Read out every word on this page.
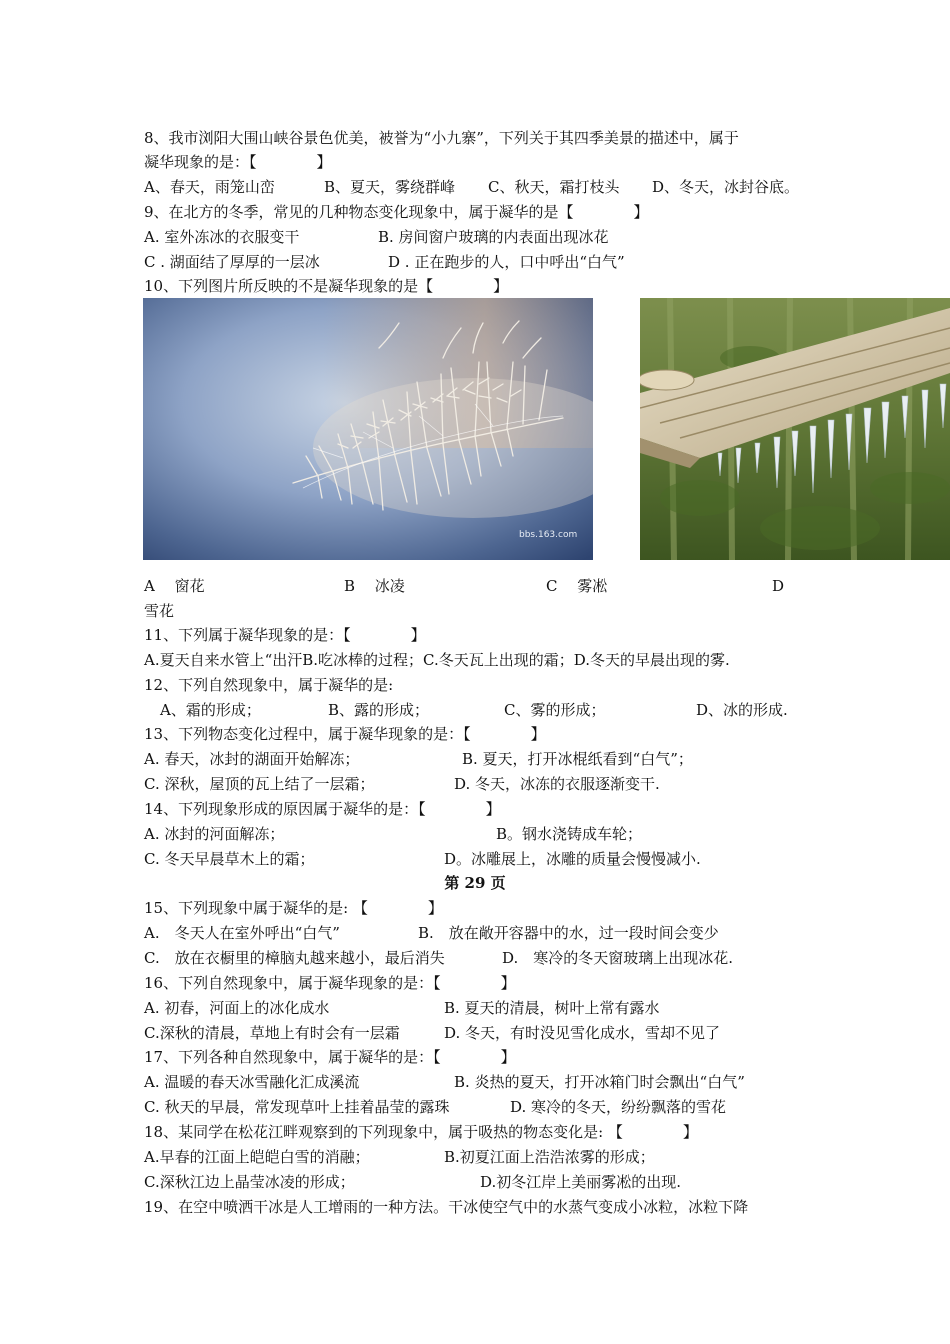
8、我市浏阳大围山峡谷景色优美，被誉为“小九寨”，下列关于其四季美景的描述中，属于
凝华现象的是：【　　　　】
A、春天，雨笼山峦	B、夏天，雾绕群峰 C、秋天，霜打枝头 D、冬天，冰封谷底。
9、在北方的冬季，常见的几种物态变化现象中，属于凝华的是【　　　　】
A. 室外冻冰的衣服变干	B. 房间窗户玻璃的内表面出现冰花
C . 湖面结了厚厚的一层冰	D . 正在跑步的人，口中呼出“白气”
10、下列图片所反映的不是凝华现象的是【　　　　】
bbs.163.com
A　 窗花	B　 冰凌	C　 雾凇	D
雪花
11、下列属于凝华现象的是：【　　　　】
A.夏天自来水管上“出汗B.吃冰棒的过程；C.冬天瓦上出现的霜；D.冬天的早晨出现的雾.
12、下列自然现象中，属于凝华的是:
A、霜的形成；	B、露的形成；	C、雾的形成；	D、冰的形成.
13、下列物态变化过程中，属于凝华现象的是：【　　　　】
A. 春天，冰封的湖面开始解冻；	B. 夏天，打开冰棍纸看到“白气”；
C. 深秋，屋顶的瓦上结了一层霜；	D. 冬天，冰冻的衣服逐渐变干.
14、下列现象形成的原因属于凝华的是：【　　　　】
A. 冰封的河面解冻；	B。钢水浇铸成车轮；
C. 冬天早晨草木上的霜；	D。冰雕展上，冰雕的质量会慢慢减小.
第 29 页
15、下列现象中属于凝华的是: 【　　　　】
A.　冬天人在室外呼出“白气”	B.　放在敞开容器中的水，过一段时间会变少
C.　放在衣橱里的樟脑丸越来越小，最后消失	D.　寒冷的冬天窗玻璃上出现冰花.
16、下列自然现象中，属于凝华现象的是：【　　　　】
A. 初春，河面上的冰化成水	B. 夏天的清晨，树叶上常有露水
C.深秋的清晨，草地上有时会有一层霜	D. 冬天，有时没见雪化成水，雪却不见了
17、下列各种自然现象中，属于凝华的是：【　　　　】
A. 温暖的春天冰雪融化汇成溪流	B. 炎热的夏天，打开冰箱门时会飘出“白气”
C. 秋天的早晨，常发现草叶上挂着晶莹的露珠	D. 寒冷的冬天，纷纷飘落的雪花
18、某同学在松花江畔观察到的下列现象中，属于吸热的物态变化是: 【　　　　】
A.早春的江面上皑皑白雪的消融；	B.初夏江面上浩浩浓雾的形成；
C.深秋江边上晶莹冰凌的形成；	D.初冬江岸上美丽雾凇的出现.
19、在空中喷洒干冰是人工增雨的一种方法。干冰使空气中的水蒸气变成小冰粒，冰粒下降
